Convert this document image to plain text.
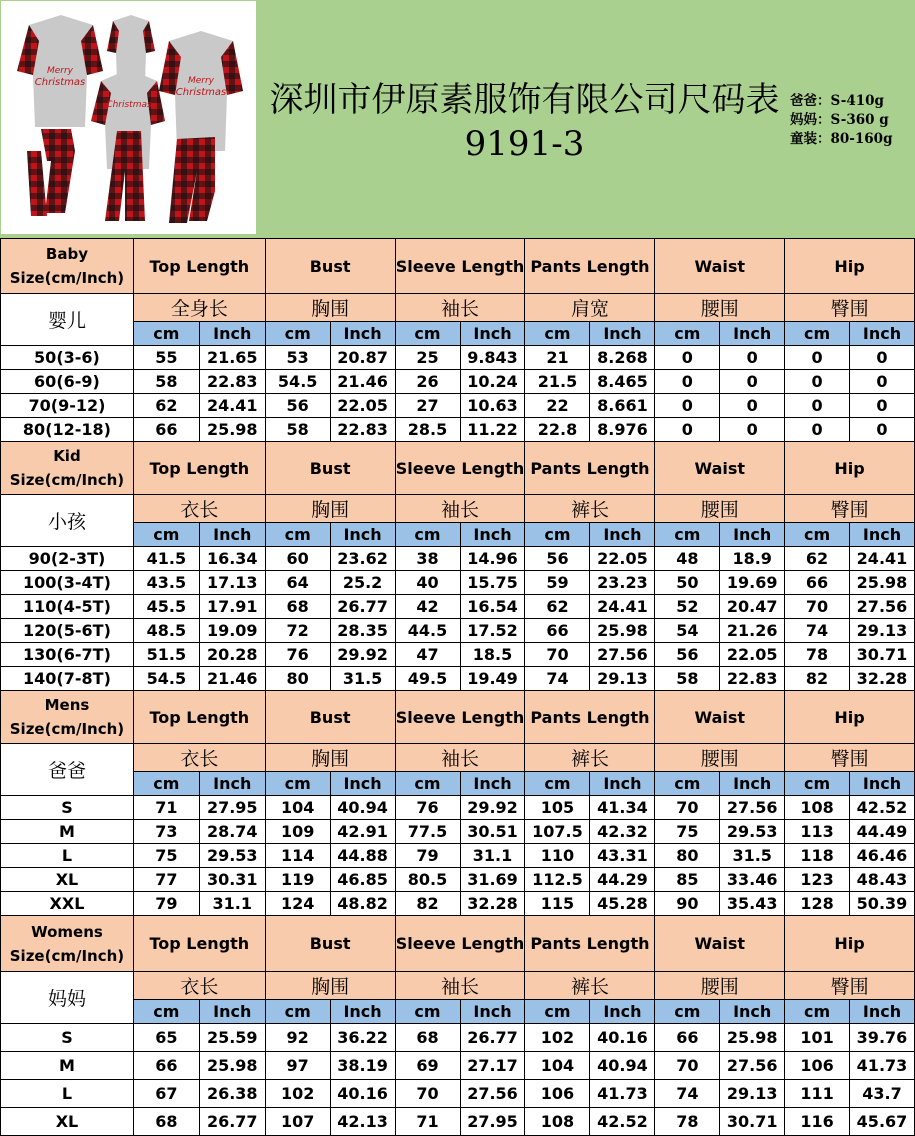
Merry
Christmas
Christmas
Merry
Christmas 深圳市伊原素服饰有限公司尺码表9191-3
爸爸：S-410g
妈妈：S-360 g
童装：80-160g
Baby Size(cm/Inch)	Top Length		Bust		Sleeve Length		Pants Length		Waist		Hip	
婴儿	全身长		胸围		袖长		肩宽		腰围		臀围	
	cm	Inch	cm	Inch	cm	Inch	cm	Inch	cm	Inch	cm	Inch
50(3-6)	55	21.65	53	20.87	25	9.843	21	8.268	0	0	0	0
60(6-9)	58	22.83	54.5	21.46	26	10.24	21.5	8.465	0	0	0	0
70(9-12)	62	24.41	56	22.05	27	10.63	22	8.661	0	0	0	0
80(12-18)	66	25.98	58	22.83	28.5	11.22	22.8	8.976	0	0	0	0
Kid Size(cm/Inch)	Top Length		Bust		Sleeve Length		Pants Length		Waist		Hip	
小孩	衣长		胸围		袖长		裤长		腰围		臀围	
	cm	Inch	cm	Inch	cm	Inch	cm	Inch	cm	Inch	cm	Inch
90(2-3T)	41.5	16.34	60	23.62	38	14.96	56	22.05	48	18.9	62	24.41
100(3-4T)	43.5	17.13	64	25.2	40	15.75	59	23.23	50	19.69	66	25.98
110(4-5T)	45.5	17.91	68	26.77	42	16.54	62	24.41	52	20.47	70	27.56
120(5-6T)	48.5	19.09	72	28.35	44.5	17.52	66	25.98	54	21.26	74	29.13
130(6-7T)	51.5	20.28	76	29.92	47	18.5	70	27.56	56	22.05	78	30.71
140(7-8T)	54.5	21.46	80	31.5	49.5	19.49	74	29.13	58	22.83	82	32.28
Mens Size(cm/Inch)	Top Length		Bust		Sleeve Length		Pants Length		Waist		Hip	
爸爸	衣长		胸围		袖长		裤长		腰围		臀围	
	cm	Inch	cm	Inch	cm	Inch	cm	Inch	cm	Inch	cm	Inch
S	71	27.95	104	40.94	76	29.92	105	41.34	70	27.56	108	42.52
M	73	28.74	109	42.91	77.5	30.51	107.5	42.32	75	29.53	113	44.49
L	75	29.53	114	44.88	79	31.1	110	43.31	80	31.5	118	46.46
XL	77	30.31	119	46.85	80.5	31.69	112.5	44.29	85	33.46	123	48.43
XXL	79	31.1	124	48.82	82	32.28	115	45.28	90	35.43	128	50.39
Womens Size(cm/Inch)	Top Length		Bust		Sleeve Length		Pants Length		Waist		Hip	
妈妈	衣长		胸围		袖长		裤长		腰围		臀围	
	cm	Inch	cm	Inch	cm	Inch	cm	Inch	cm	Inch	cm	Inch
S	65	25.59	92	36.22	68	26.77	102	40.16	66	25.98	101	39.76
M	66	25.98	97	38.19	69	27.17	104	40.94	70	27.56	106	41.73
L	67	26.38	102	40.16	70	27.56	106	41.73	74	29.13	111	43.7
XL	68	26.77	107	42.13	71	27.95	108	42.52	78	30.71	116	45.67
